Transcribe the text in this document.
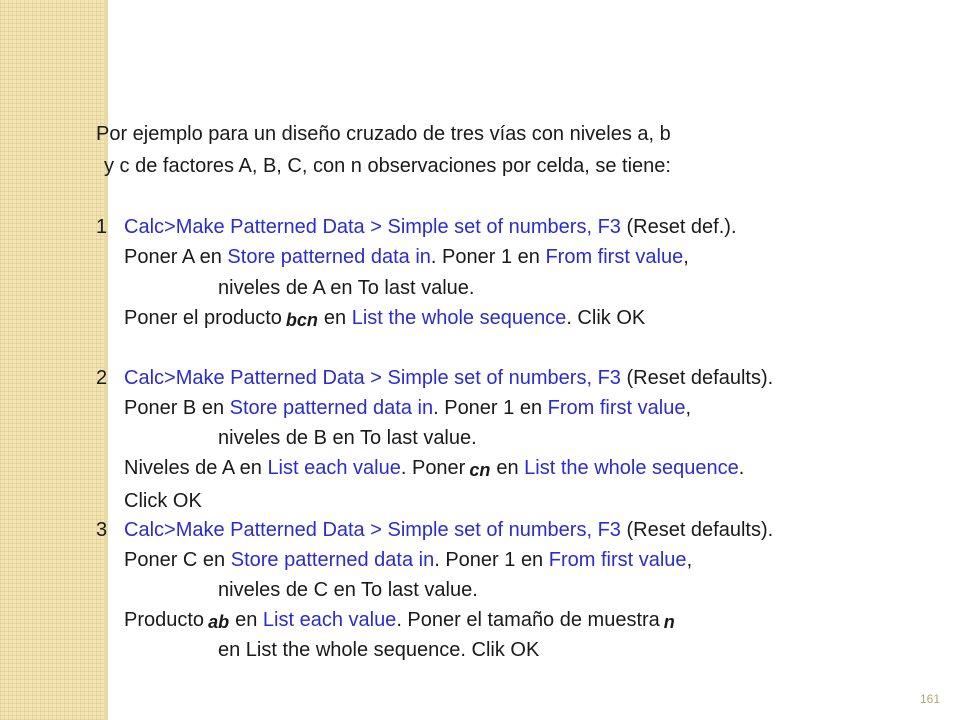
Por ejemplo para un diseño cruzado de tres vías con niveles a, b
y c de factores A, B, C, con n observaciones por celda, se tiene:
1 Calc>Make Patterned Data > Simple set of numbers, F3 (Reset def.).
Poner A en Store patterned data in. Poner 1 en From first value,
niveles de A en To last value.
Poner el producto bcn en List the whole sequence. Clik OK
2 Calc>Make Patterned Data > Simple set of numbers, F3 (Reset defaults).
Poner B en Store patterned data in. Poner 1 en From first value,
niveles de B en To last value.
Niveles de A en List each value. Poner cn en List the whole sequence.
Click OK
3 Calc>Make Patterned Data > Simple set of numbers, F3 (Reset defaults).
Poner C en Store patterned data in. Poner 1 en From first value,
niveles de C en To last value.
Producto ab en List each value. Poner el tamaño de muestra n
en List the whole sequence. Clik OK
161
